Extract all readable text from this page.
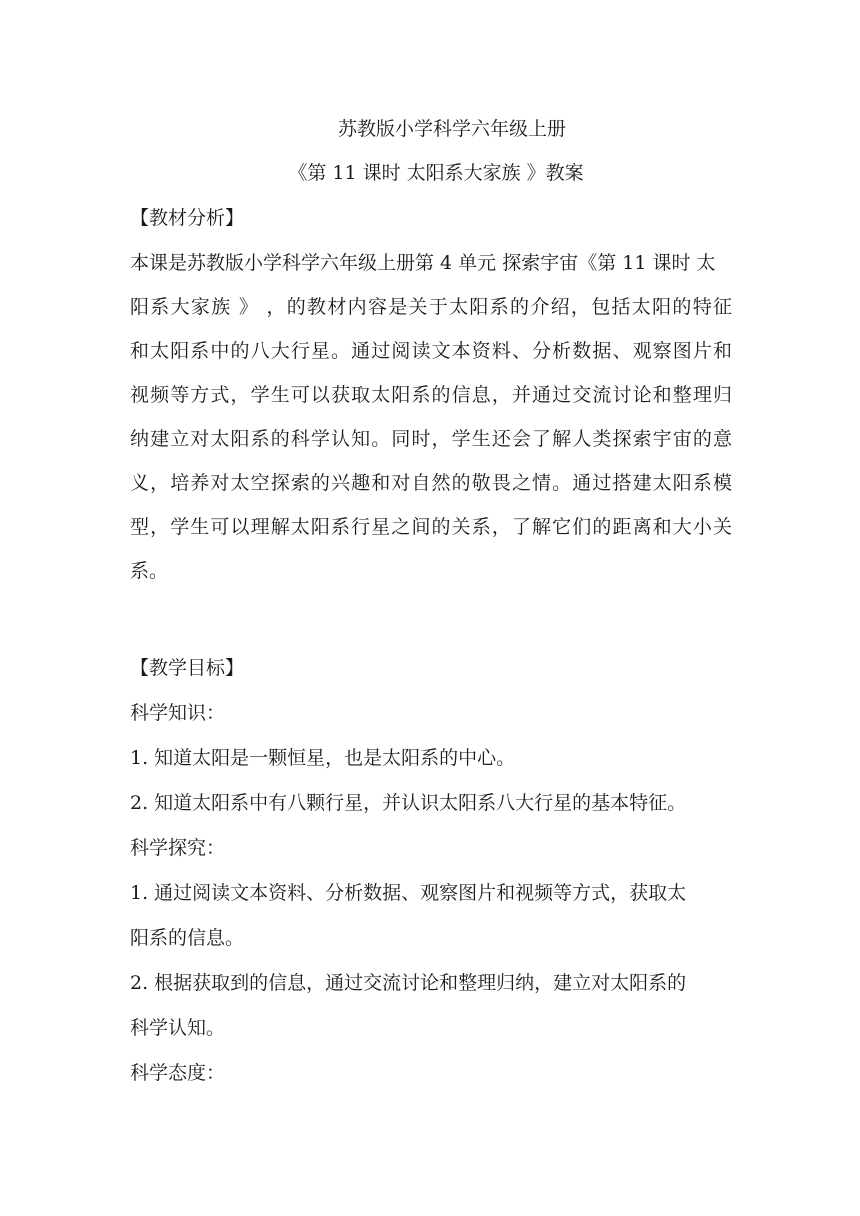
苏教版小学科学六年级上册
《第 11 课时 太阳系大家族 》教案
【教材分析】
本课是苏教版小学科学六年级上册第 4 单元 探索宇宙《第 11 课时 太
阳系大家族 》 ，的教材内容是关于太阳系的介绍，包括太阳的特征
和太阳系中的八大行星。通过阅读文本资料、分析数据、观察图片和
视频等方式，学生可以获取太阳系的信息，并通过交流讨论和整理归
纳建立对太阳系的科学认知。同时，学生还会了解人类探索宇宙的意
义，培养对太空探索的兴趣和对自然的敬畏之情。通过搭建太阳系模
型，学生可以理解太阳系行星之间的关系，了解它们的距离和大小关
系。
【教学目标】
科学知识：
1. 知道太阳是一颗恒星，也是太阳系的中心。
2. 知道太阳系中有八颗行星，并认识太阳系八大行星的基本特征。
科学探究：
1. 通过阅读文本资料、分析数据、观察图片和视频等方式，获取太
阳系的信息。
2. 根据获取到的信息，通过交流讨论和整理归纳，建立对太阳系的
科学认知。
科学态度：
